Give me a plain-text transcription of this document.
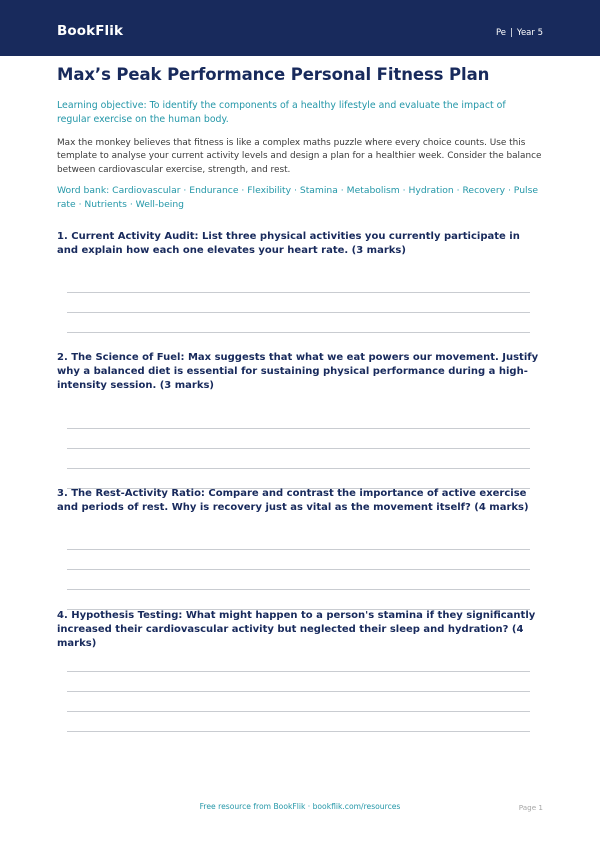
BookFlik	Pe | Year 5
Max’s Peak Performance Personal Fitness Plan

Learning objective: To identify the components of a healthy lifestyle and evaluate the impact of regular exercise on the human body.

Max the monkey believes that fitness is like a complex maths puzzle where every choice counts. Use this template to analyse your current activity levels and design a plan for a healthier week. Consider the balance between cardiovascular exercise, strength, and rest.

Word bank: Cardiovascular · Endurance · Flexibility · Stamina · Metabolism · Hydration · Recovery · Pulse rate · Nutrients · Well-being

1. Current Activity Audit: List three physical activities you currently participate in and explain how each one elevates your heart rate. (3 marks)

2. The Science of Fuel: Max suggests that what we eat powers our movement. Justify why a balanced diet is essential for sustaining physical performance during a high-intensity session. (3 marks)

3. The Rest-Activity Ratio: Compare and contrast the importance of active exercise and periods of rest. Why is recovery just as vital as the movement itself? (4 marks)

4. Hypothesis Testing: What might happen to a person's stamina if they significantly increased their cardiovascular activity but neglected their sleep and hydration? (4 marks)

Free resource from BookFlik · bookflik.com/resources	Page 1
